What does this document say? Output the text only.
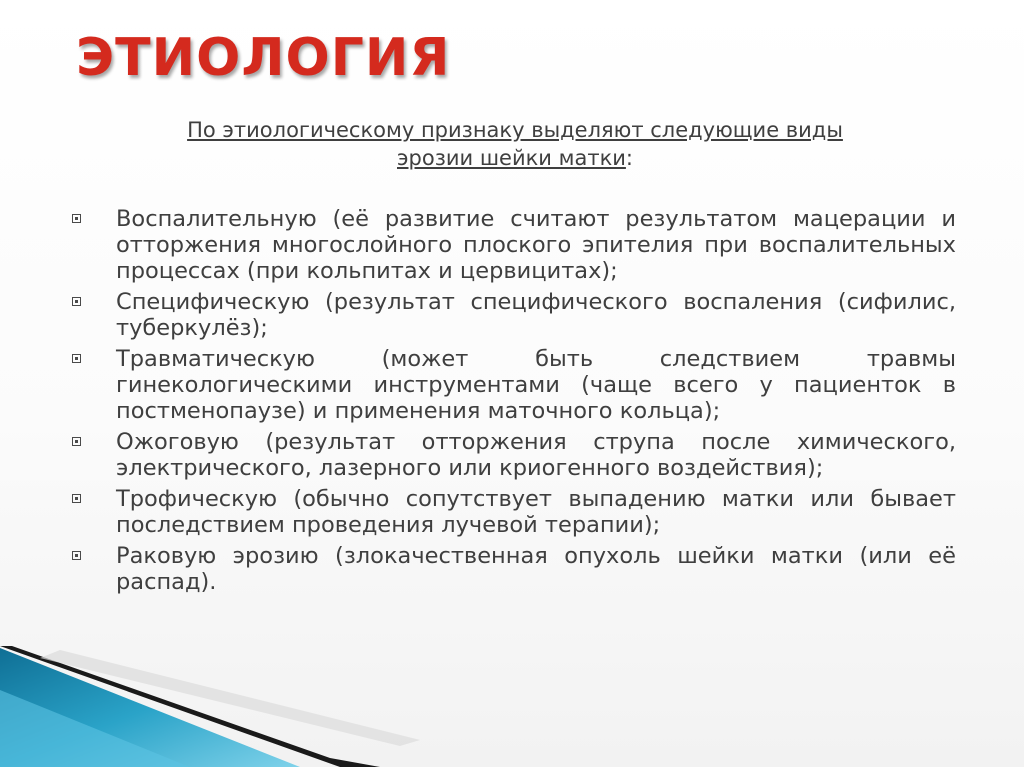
ЭТИОЛОГИЯ
По этиологическому признаку выделяют следующие виды
эрозии шейки матки:
Воспалительную (её развитие считают результатом мацерации и отторжения многослойного плоского эпителия при воспалительных процессах (при кольпитах и цервицитах);
Специфическую (результат специфического воспаления (сифилис, туберкулёз);
Травматическую (может быть следствием травмы гинекологическими инструментами (чаще всего у пациенток в постменопаузе) и применения маточного кольца);
Ожоговую (результат отторжения струпа после химического, электрического, лазерного или криогенного воздействия);
Трофическую (обычно сопутствует выпадению матки или бывает последствием проведения лучевой терапии);
Раковую эрозию (злокачественная опухоль шейки матки (или её распад).
